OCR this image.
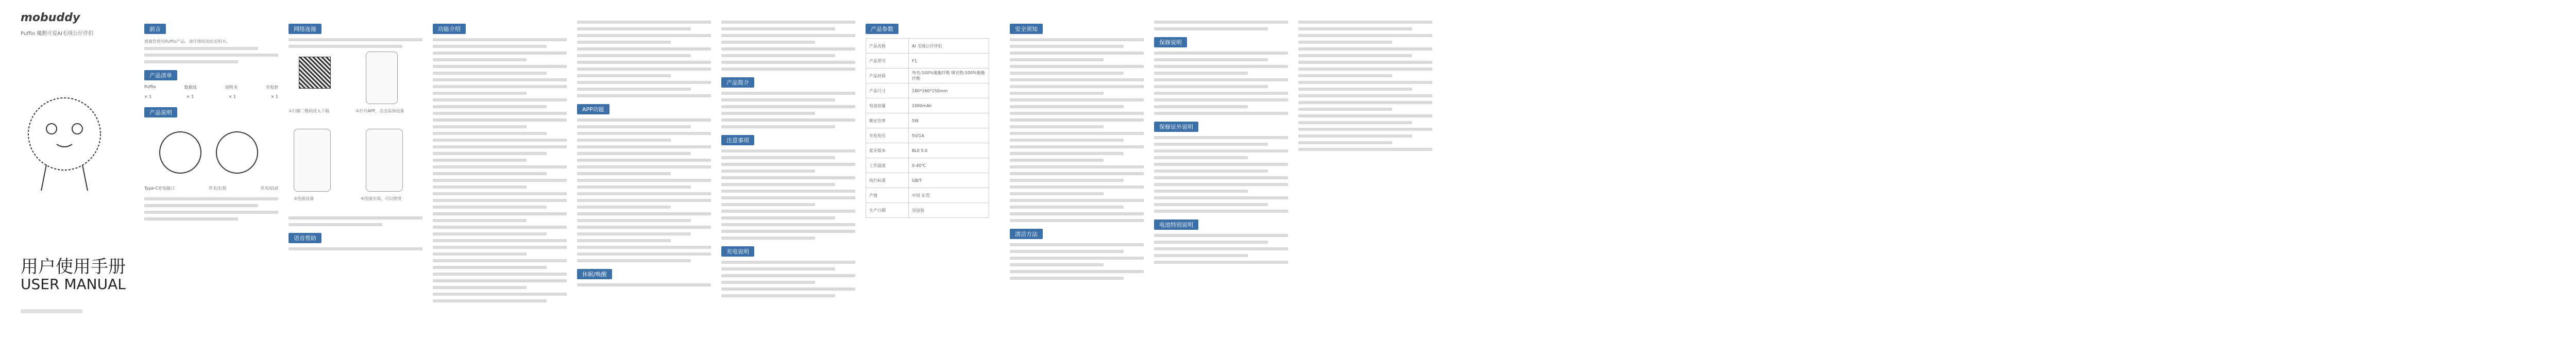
mobuddy
Puffio 魔鹅可爱AI毛绒公仔伴侣
用户使用手册
USER MANUAL
前言

感谢您使用Puffio产品，请仔细阅读此说明书。

产品清单
Puffio	数据线	说明书	充电套
× 1	× 1	× 1	× 1
产品说明
Type-C充电接口	开关/长按	开关/启动
网络连接
①扫描二维码进入下载	②打开APP，点击添加设备
③连接设备	④连接完成，可以使用
语音帮助
功能介绍
APP功能
休眠/唤醒
产品简介
注意事项
充电说明
产品参数
产品名称	AI 毛绒公仔伴侣
产品型号	F1
产品材质	外壳:100%聚酯纤维 填充物:100%聚酯纤维
产品尺寸	180*160*150mm
电池容量	1000mAh
额定功率	5W
充电电压	5V/1A
蓝牙版本	BLE 5.0
工作温度	0-40℃
执行标准	GB/T
产地	中国 东莞
生产日期	见包装
安全须知
清洁方法
保修说明
保修证外说明
电池特别说明
